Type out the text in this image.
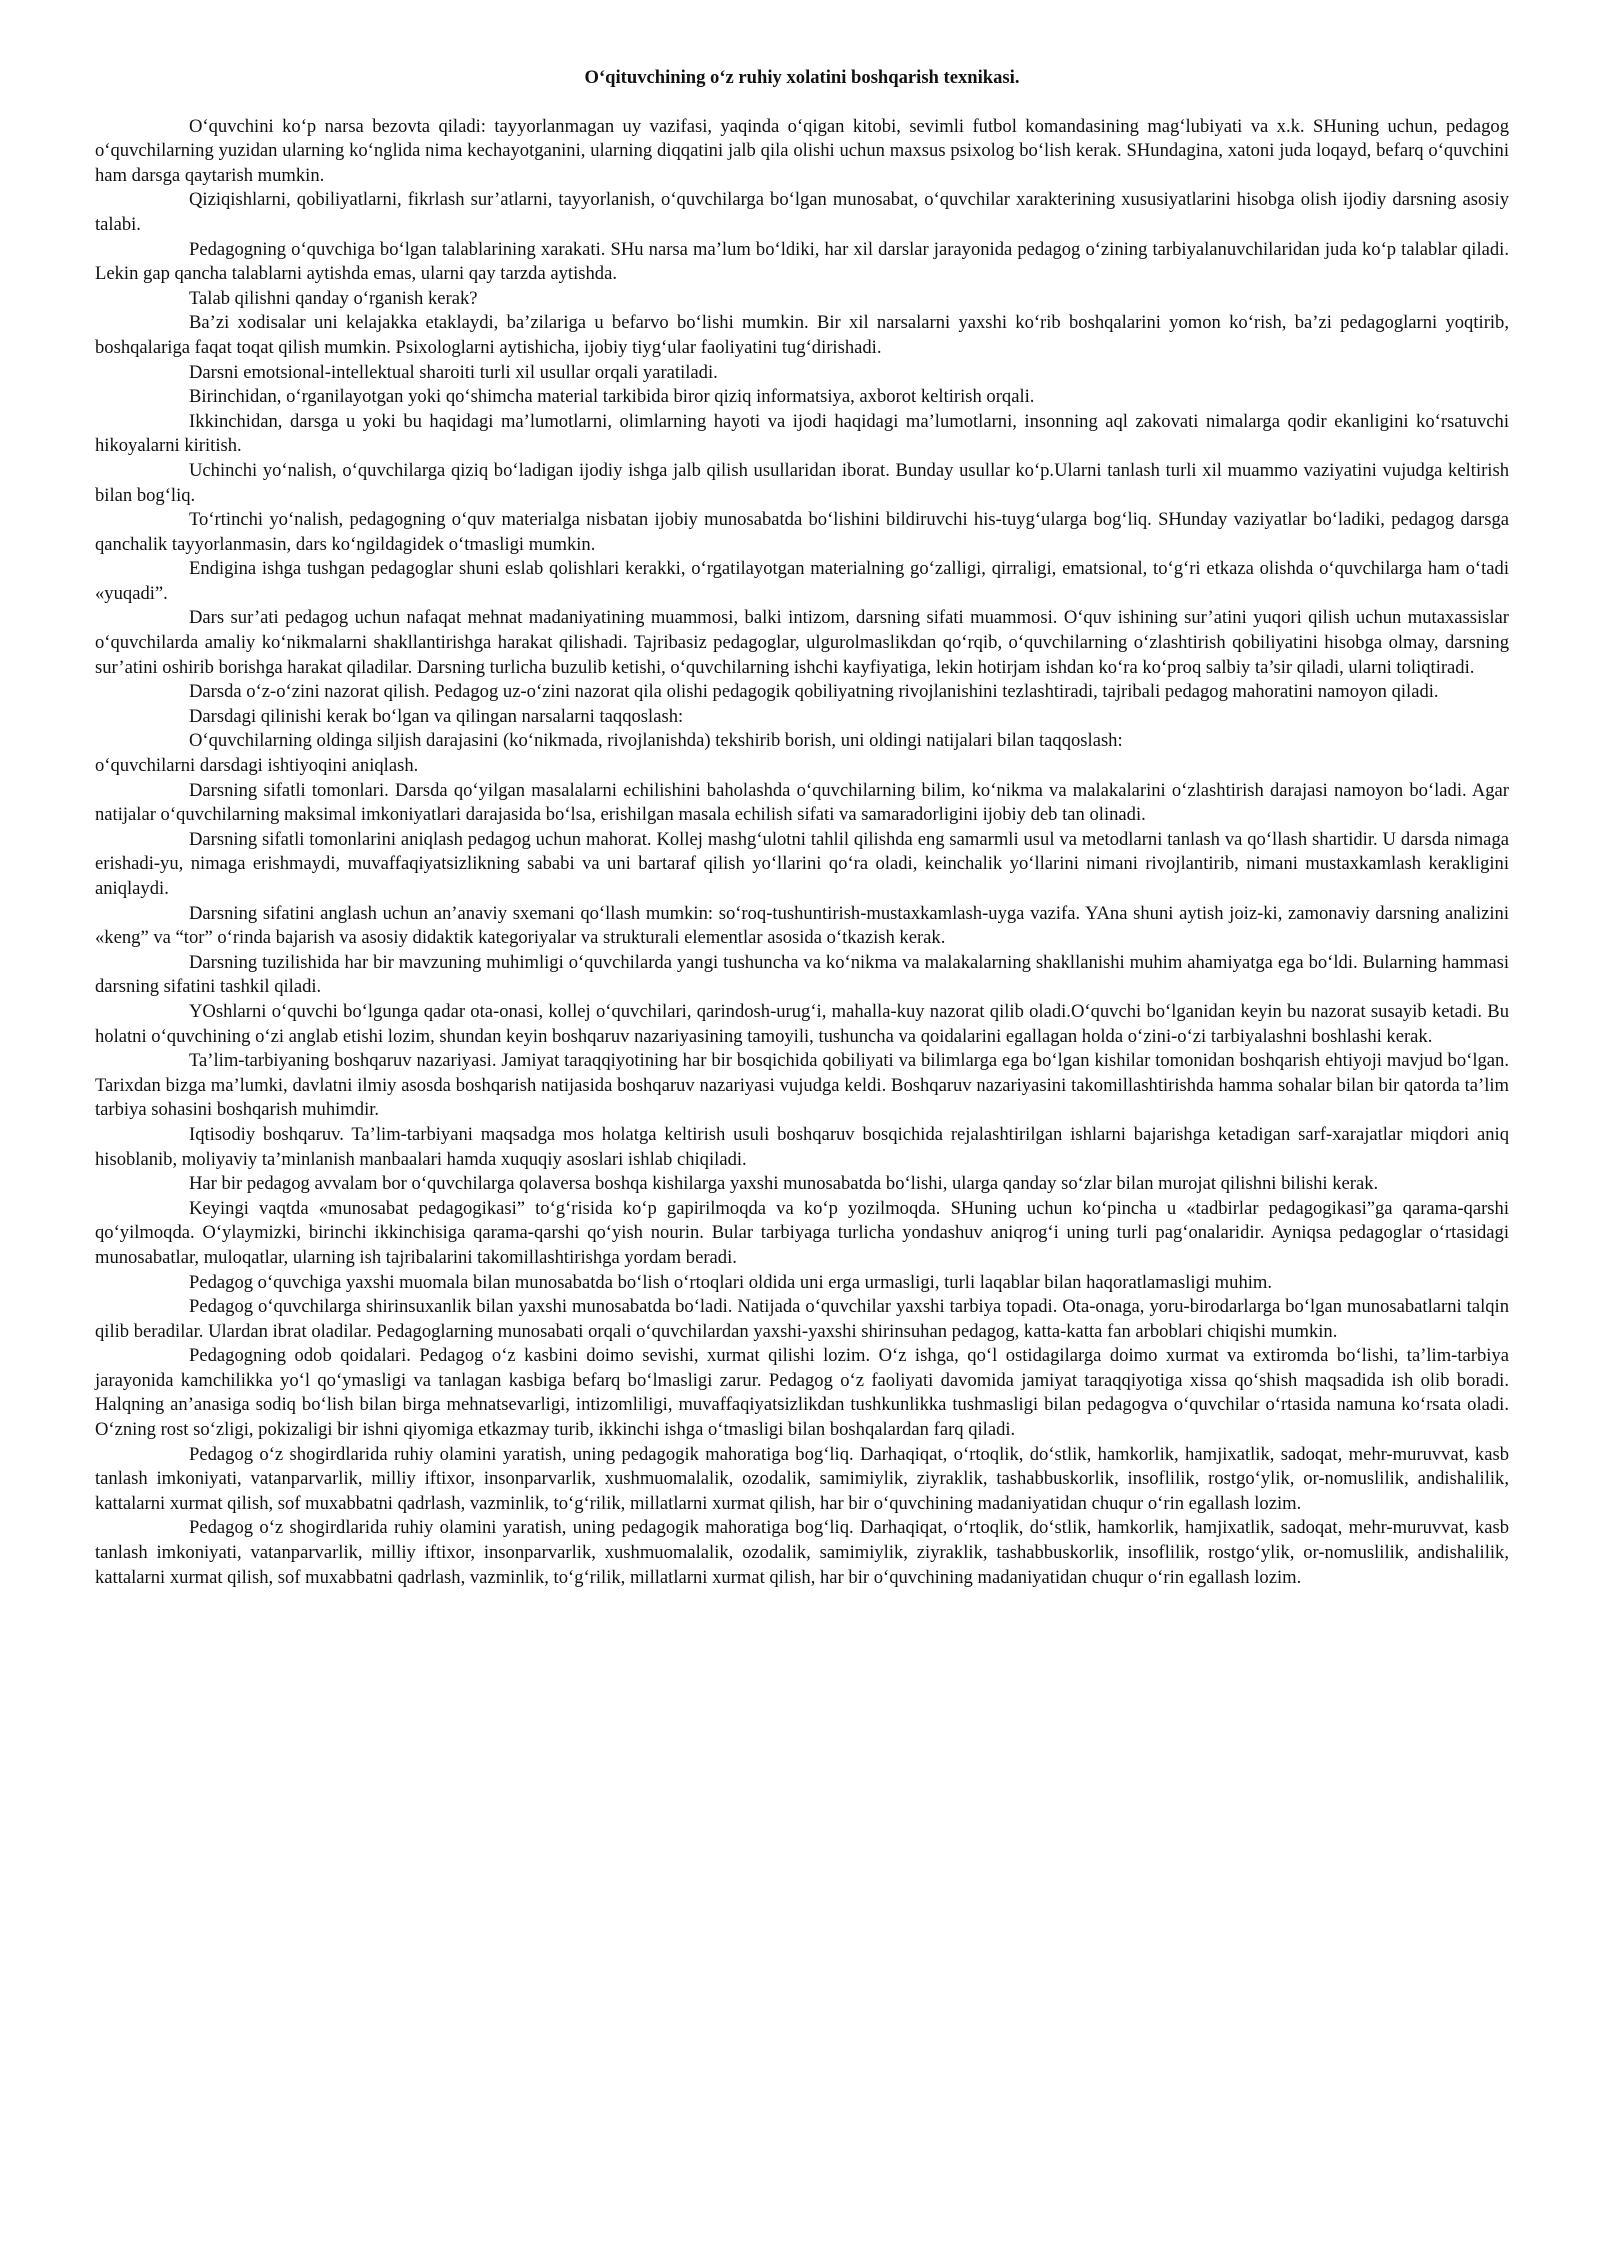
O‘qituvchining o‘z ruhiy xolatini boshqarish texnikasi.

O‘quvchini ko‘p narsa bezovta qiladi: tayyorlanmagan uy vazifasi, yaqinda o‘qigan kitobi, sevimli futbol komandasining mag‘lubiyati va x.k. SHuning uchun, pedagog o‘quvchilarning yuzidan ularning ko‘nglida nima kechayotganini, ularning diqqatini jalb qila olishi uchun maxsus psixolog bo‘lish kerak. SHundagina, xatoni juda loqayd, befarq o‘quvchini ham darsga qaytarish mumkin.

Qiziqishlarni, qobiliyatlarni, fikrlash sur’atlarni, tayyorlanish, o‘quvchilarga bo‘lgan munosabat, o‘quvchilar xarakterining xususiyatlarini hisobga olish ijodiy darsning asosiy talabi.

Pedagogning o‘quvchiga bo‘lgan talablarining xarakati. SHu narsa ma’lum bo‘ldiki, har xil darslar jarayonida pedagog o‘zining tarbiyalanuvchilaridan juda ko‘p talablar qiladi. Lekin gap qancha talablarni aytishda emas, ularni qay tarzda aytishda.

Talab qilishni qanday o‘rganish kerak?

Ba’zi xodisalar uni kelajakka etaklaydi, ba’zilariga u befarvo bo‘lishi mumkin. Bir xil narsalarni yaxshi ko‘rib boshqalarini yomon ko‘rish, ba’zi pedagoglarni yoqtirib, boshqalariga faqat toqat qilish mumkin. Psixologlarni aytishicha, ijobiy tiyg‘ular faoliyatini tug‘dirishadi.

Darsni emotsional-intellektual sharoiti turli xil usullar orqali yaratiladi.

Birinchidan, o‘rganilayotgan yoki qo‘shimcha material tarkibida biror qiziq informatsiya, axborot keltirish orqali.

Ikkinchidan, darsga u yoki bu haqidagi ma’lumotlarni, olimlarning hayoti va ijodi haqidagi ma’lumotlarni, insonning aql zakovati nimalarga qodir ekanligini ko‘rsatuvchi hikoyalarni kiritish.

Uchinchi yo‘nalish, o‘quvchilarga qiziq bo‘ladigan ijodiy ishga jalb qilish usullaridan iborat. Bunday usullar ko‘p.Ularni tanlash turli xil muammo vaziyatini vujudga keltirish bilan bog‘liq.

To‘rtinchi yo‘nalish, pedagogning o‘quv materialga nisbatan ijobiy munosabatda bo‘lishini bildiruvchi his-tuyg‘ularga bog‘liq. SHunday vaziyatlar bo‘ladiki, pedagog darsga qanchalik tayyorlanmasin, dars ko‘ngildagidek o‘tmasligi mumkin.

Endigina ishga tushgan pedagoglar shuni eslab qolishlari kerakki, o‘rgatilayotgan materialning go‘zalligi, qirraligi, ematsional, to‘g‘ri etkaza olishda o‘quvchilarga ham o‘tadi «yuqadi”.

Dars sur’ati pedagog uchun nafaqat mehnat madaniyatining muammosi, balki intizom, darsning sifati muammosi. O‘quv ishining sur’atini yuqori qilish uchun mutaxassislar o‘quvchilarda amaliy ko‘nikmalarni shakllantirishga harakat qilishadi. Tajribasiz pedagoglar, ulgurolmaslikdan qo‘rqib, o‘quvchilarning o‘zlashtirish qobiliyatini hisobga olmay, darsning sur’atini oshirib borishga harakat qiladilar. Darsning turlicha buzulib ketishi, o‘quvchilarning ishchi kayfiyatiga, lekin hotirjam ishdan ko‘ra ko‘proq salbiy ta’sir qiladi, ularni toliqtiradi.

Darsda o‘z-o‘zini nazorat qilish. Pedagog uz-o‘zini nazorat qila olishi pedagogik qobiliyatning rivojlanishini tezlashtiradi, tajribali pedagog mahoratini namoyon qiladi.

Darsdagi qilinishi kerak bo‘lgan va qilingan narsalarni taqqoslash:

O‘quvchilarning oldinga siljish darajasini (ko‘nikmada, rivojlanishda) tekshirib borish, uni oldingi natijalari bilan taqqoslash:

o‘quvchilarni darsdagi ishtiyoqini aniqlash.

Darsning sifatli tomonlari. Darsda qo‘yilgan masalalarni echilishini baholashda o‘quvchilarning bilim, ko‘nikma va malakalarini o‘zlashtirish darajasi namoyon bo‘ladi. Agar natijalar o‘quvchilarning maksimal imkoniyatlari darajasida bo‘lsa, erishilgan masala echilish sifati va samaradorligini ijobiy deb tan olinadi.

Darsning sifatli tomonlarini aniqlash pedagog uchun mahorat. Kollej mashg‘ulotni tahlil qilishda eng samarmli usul va metodlarni tanlash va qo‘llash shartidir. U darsda nimaga erishadi-yu, nimaga erishmaydi, muvaffaqiyatsizlikning sababi va uni bartaraf qilish yo‘llarini qo‘ra oladi, keinchalik yo‘llarini nimani rivojlantirib, nimani mustaxkamlash kerakligini aniqlaydi.

Darsning sifatini anglash uchun an’anaviy sxemani qo‘llash mumkin: so‘roq-tushuntirish-mustaxkamlash-uyga vazifa. YAna shuni aytish joiz-ki, zamonaviy darsning analizini «keng” va “tor” o‘rinda bajarish va asosiy didaktik kategoriyalar va strukturali elementlar asosida o‘tkazish kerak.

Darsning tuzilishida har bir mavzuning muhimligi o‘quvchilarda yangi tushuncha va ko‘nikma va malakalarning shakllanishi muhim ahamiyatga ega bo‘ldi. Bularning hammasi darsning sifatini tashkil qiladi.

YOshlarni o‘quvchi bo‘lgunga qadar ota-onasi, kollej o‘quvchilari, qarindosh-urug‘i, mahalla-kuy nazorat qilib oladi.O‘quvchi bo‘lganidan keyin bu nazorat susayib ketadi. Bu holatni o‘quvchining o‘zi anglab etishi lozim, shundan keyin boshqaruv nazariyasining tamoyili, tushuncha va qoidalarini egallagan holda o‘zini-o‘zi tarbiyalashni boshlashi kerak.

Ta’lim-tarbiyaning boshqaruv nazariyasi. Jamiyat taraqqiyotining har bir bosqichida qobiliyati va bilimlarga ega bo‘lgan kishilar tomonidan boshqarish ehtiyoji mavjud bo‘lgan. Tarixdan bizga ma’lumki, davlatni ilmiy asosda boshqarish natijasida boshqaruv nazariyasi vujudga keldi. Boshqaruv nazariyasini takomillashtirishda hamma sohalar bilan bir qatorda ta’lim tarbiya sohasini boshqarish muhimdir.

Iqtisodiy boshqaruv. Ta’lim-tarbiyani maqsadga mos holatga keltirish usuli boshqaruv bosqichida rejalashtirilgan ishlarni bajarishga ketadigan sarf-xarajatlar miqdori aniq hisoblanib, moliyaviy ta’minlanish manbaalari hamda xuquqiy asoslari ishlab chiqiladi.

Har bir pedagog avvalam bor o‘quvchilarga qolaversa boshqa kishilarga yaxshi munosabatda bo‘lishi, ularga qanday so‘zlar bilan murojat qilishni bilishi kerak.

Keyingi vaqtda «munosabat pedagogikasi” to‘g‘risida ko‘p gapirilmoqda va ko‘p yozilmoqda. SHuning uchun ko‘pincha u «tadbirlar pedagogikasi”ga qarama-qarshi qo‘yilmoqda. O‘ylaymizki, birinchi ikkinchisiga qarama-qarshi qo‘yish nourin. Bular tarbiyaga turlicha yondashuv aniqrog‘i uning turli pag‘onalaridir. Ayniqsa pedagoglar o‘rtasidagi munosabatlar, muloqatlar, ularning ish tajribalarini takomillashtirishga yordam beradi.

Pedagog o‘quvchiga yaxshi muomala bilan munosabatda bo‘lish o‘rtoqlari oldida uni erga urmasligi, turli laqablar bilan haqoratlamasligi muhim.

Pedagog o‘quvchilarga shirinsuxanlik bilan yaxshi munosabatda bo‘ladi. Natijada o‘quvchilar yaxshi tarbiya topadi. Ota-onaga, yoru-birodarlarga bo‘lgan munosabatlarni talqin qilib beradilar. Ulardan ibrat oladilar. Pedagoglarning munosabati orqali o‘quvchilardan yaxshi-yaxshi shirinsuhan pedagog, katta-katta fan arboblari chiqishi mumkin.

Pedagogning odob qoidalari. Pedagog o‘z kasbini doimo sevishi, xurmat qilishi lozim. O‘z ishga, qo‘l ostidagilarga doimo xurmat va extiromda bo‘lishi, ta’lim-tarbiya jarayonida kamchilikka yo‘l qo‘ymasligi va tanlagan kasbiga befarq bo‘lmasligi zarur. Pedagog o‘z faoliyati davomida jamiyat taraqqiyotiga xissa qo‘shish maqsadida ish olib boradi. Halqning an’anasiga sodiq bo‘lish bilan birga mehnatsevarligi, intizomliligi, muvaffaqiyatsizlikdan tushkunlikka tushmasligi bilan pedagogva o‘quvchilar o‘rtasida namuna ko‘rsata oladi. O‘zning rost so‘zligi, pokizaligi bir ishni qiyomiga etkazmay turib, ikkinchi ishga o‘tmasligi bilan boshqalardan farq qiladi.

Pedagog o‘z shogirdlarida ruhiy olamini yaratish, uning pedagogik mahoratiga bog‘liq. Darhaqiqat, o‘rtoqlik, do‘stlik, hamkorlik, hamjixatlik, sadoqat, mehr-muruvvat, kasb tanlash imkoniyati, vatanparvarlik, milliy iftixor, insonparvarlik, xushmuomalalik, ozodalik, samimiylik, ziyraklik, tashabbuskorlik, insoflilik, rostgo‘ylik, or-nomuslilik, andishalilik, kattalarni xurmat qilish, sof muxabbatni qadrlash, vazminlik, to‘g‘rilik, millatlarni xurmat qilish, har bir o‘quvchining madaniyatidan chuqur o‘rin egallash lozim.

Pedagog o‘z shogirdlarida ruhiy olamini yaratish, uning pedagogik mahoratiga bog‘liq. Darhaqiqat, o‘rtoqlik, do‘stlik, hamkorlik, hamjixatlik, sadoqat, mehr-muruvvat, kasb tanlash imkoniyati, vatanparvarlik, milliy iftixor, insonparvarlik, xushmuomalalik, ozodalik, samimiylik, ziyraklik, tashabbuskorlik, insoflilik, rostgo‘ylik, or-nomuslilik, andishalilik, kattalarni xurmat qilish, sof muxabbatni qadrlash, vazminlik, to‘g‘rilik, millatlarni xurmat qilish, har bir o‘quvchining madaniyatidan chuqur o‘rin egallash lozim.
